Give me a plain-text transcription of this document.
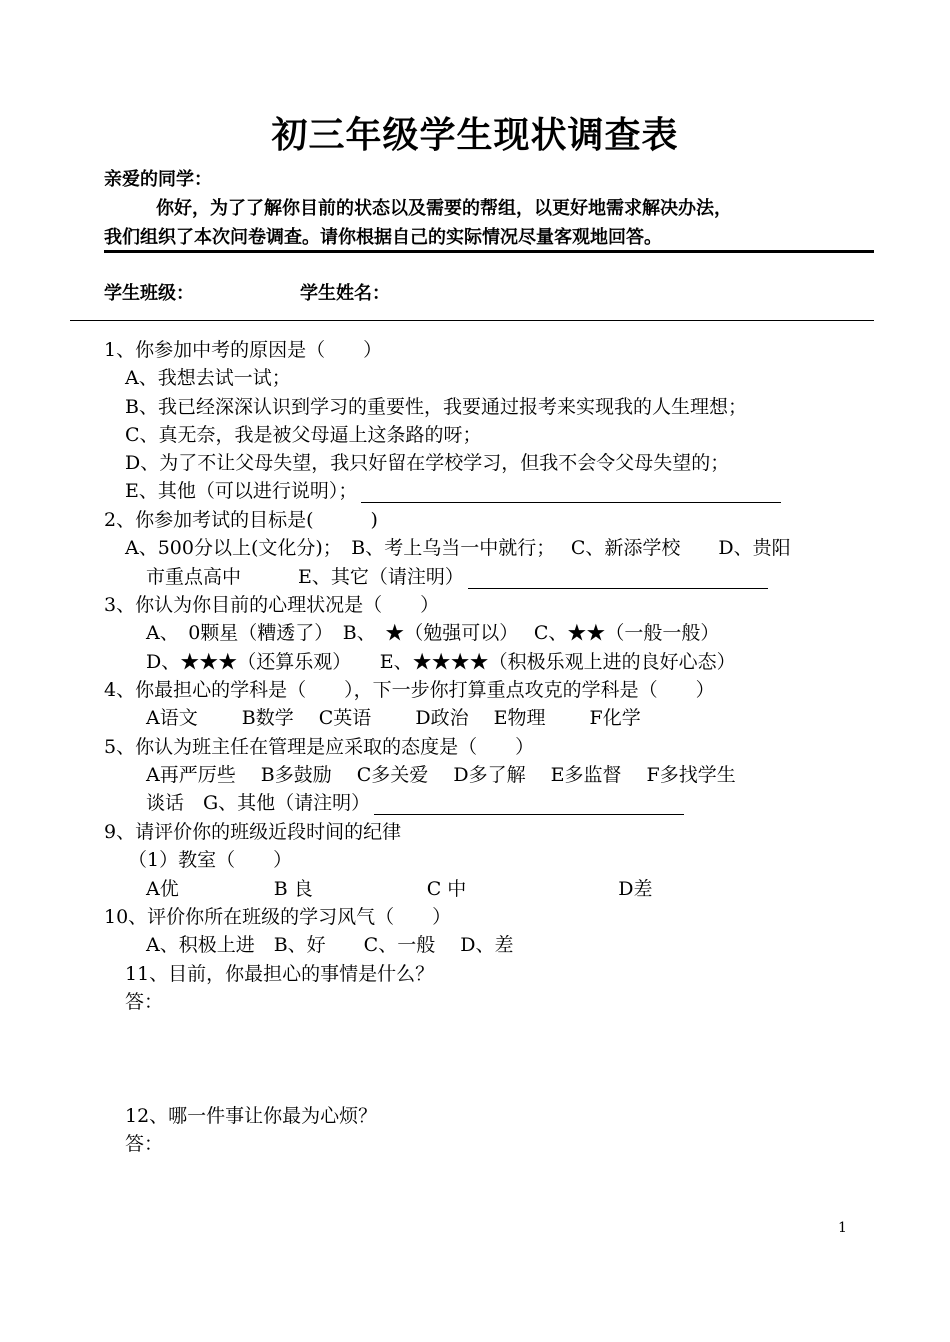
初三年级学生现状调查表
亲爱的同学：
你好，为了了解你目前的状态以及需要的帮组，以更好地需求解决办法，
我们组织了本次问卷调查。请你根据自己的实际情况尽量客观地回答。
学生班级：	学生姓名：
1、你参加中考的原因是（　　）
A、我想去试一试；
B、我已经深深认识到学习的重要性，我要通过报考来实现我的人生理想；
C、真无奈，我是被父母逼上这条路的呀；
D、为了不让父母失望，我只好留在学校学习，但我不会令父母失望的；
E、其他（可以进行说明）；
2、你参加考试的目标是(　　　)
A、500分以上(文化分)；　B、考上乌当一中就行；　 C、新添学校　　D、贵阳
市重点高中　　　E、其它（请注明）
3、你认为你目前的心理状况是（　　）
A、　0颗星（糟透了）　B、　★（勉强可以）　 C、★★（一般一般）
D、★★★（还算乐观）　　E、★★★★（积极乐观上进的良好心态）
4、你最担心的学科是（　　），下一步你打算重点攻克的学科是（　　）
A语文　　 B数学　 C英语　　 D政治　 E物理　　 F化学
5、你认为班主任在管理是应采取的态度是（　　）
A再严厉些　 B多鼓励　 C多关爱　 D多了解　 E多监督　 F多找学生
谈话　G、其他（请注明）
9、请评价你的班级近段时间的纪律
（1）教室（　　）
A优　　　　　B 良　　　　　　C 中　　　　　　　　D差
10、评价你所在班级的学习风气（　　）
A、积极上进　B、好　　C、一般　 D、差
11、目前，你最担心的事情是什么？
答：
12、哪一件事让你最为心烦？
答：
1
